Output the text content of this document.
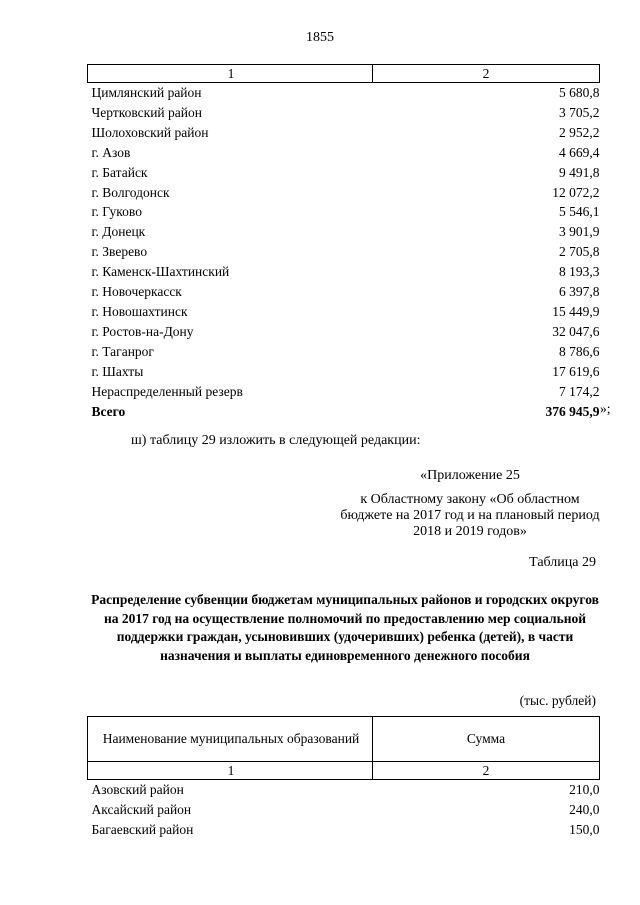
1855
1	2
Цимлянский район	5 680,8
Чертковский район	3 705,2
Шолоховский район	2 952,2
г. Азов	4 669,4
г. Батайск	9 491,8
г. Волгодонск	12 072,2
г. Гуково	5 546,1
г. Донецк	3 901,9
г. Зверево	2 705,8
г. Каменск-Шахтинский	8 193,3
г. Новочеркасск	6 397,8
г. Новошахтинск	15 449,9
г. Ростов-на-Дону	32 047,6
г. Таганрог	8 786,6
г. Шахты	17 619,6
Нераспределенный резерв	7 174,2
Всего	376 945,9 »;
ш) таблицу 29 изложить в следующей редакции:
«Приложение 25
к Областному закону «Об областном бюджете на 2017 год и на плановый период 2018 и 2019 годов»
Таблица 29
Распределение субвенции бюджетам муниципальных районов и городских округов на 2017 год на осуществление полномочий по предоставлению мер социальной поддержки граждан, усыновивших (удочеривших) ребенка (детей), в части назначения и выплаты единовременного денежного пособия
(тыс. рублей)
Наименование муниципальных образований	Сумма
1	2
Азовский район	210,0
Аксайский район	240,0
Багаевский район	150,0
